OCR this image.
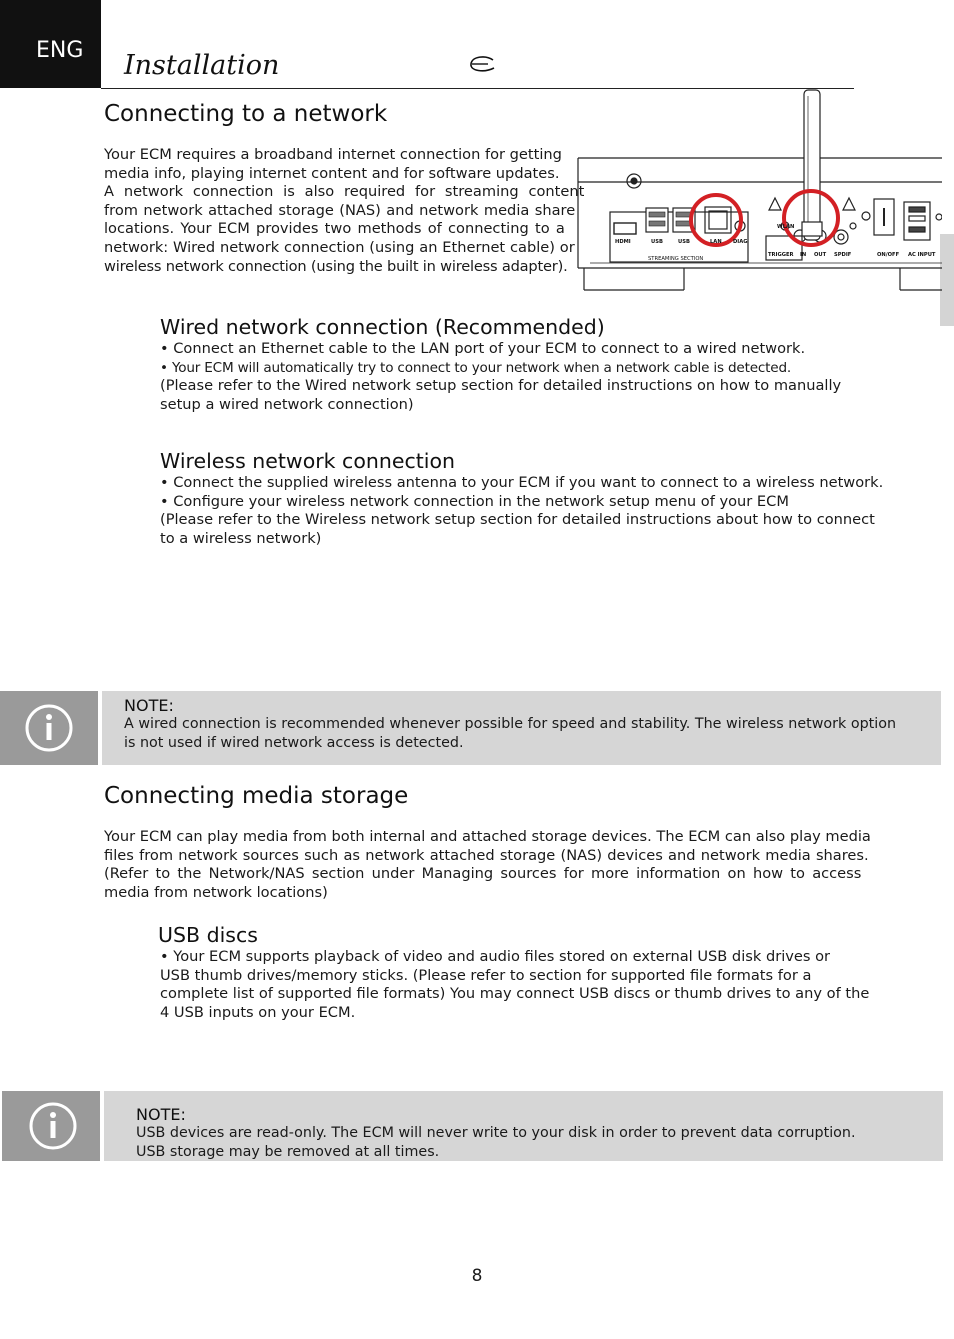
ENG Installation
Connecting to a network
Your ECM requires a broadband internet connection for getting
media info, playing internet content and for software updates.
A network connection is also required for streaming content
from network attached storage (NAS) and network media share
locations. Your ECM provides two methods of connecting to a
network: Wired network connection (using an Ethernet cable) or
wireless network connection (using the built in wireless adapter).
HDMI	USB	USB	LAN DIAG
WLAN
TRIGGER IN OUT SPDIF	ON/OFF AC INPUT
STREAMING SECTION
Wired network connection (Recommended)
• Connect an Ethernet cable to the LAN port of your ECM to connect to a wired network.
• Your ECM will automatically try to connect to your network when a network cable is detected.
(Please refer to the Wired network setup section for detailed instructions on how to manually
setup a wired network connection)
Wireless network connection
• Connect the supplied wireless antenna to your ECM if you want to connect to a wireless network.
• Configure your wireless network connection in the network setup menu of your ECM
(Please refer to the Wireless network setup section for detailed instructions about how to connect
to a wireless network)
NOTE:
A wired connection is recommended whenever possible for speed and stability. The wireless network option
is not used if wired network access is detected.
Connecting media storage
Your ECM can play media from both internal and attached storage devices. The ECM can also play media
files from network sources such as network attached storage (NAS) devices and network media shares.
(Refer to the Network/NAS section under Managing sources for more information on how to access
media from network locations)
USB discs
• Your ECM supports playback of video and audio files stored on external USB disk drives or
USB thumb drives/memory sticks. (Please refer to section for supported file formats for a
complete list of supported file formats) You may connect USB discs or thumb drives to any of the
4 USB inputs on your ECM.
NOTE:
USB devices are read-only. The ECM will never write to your disk in order to prevent data corruption.
USB storage may be removed at all times.
8
